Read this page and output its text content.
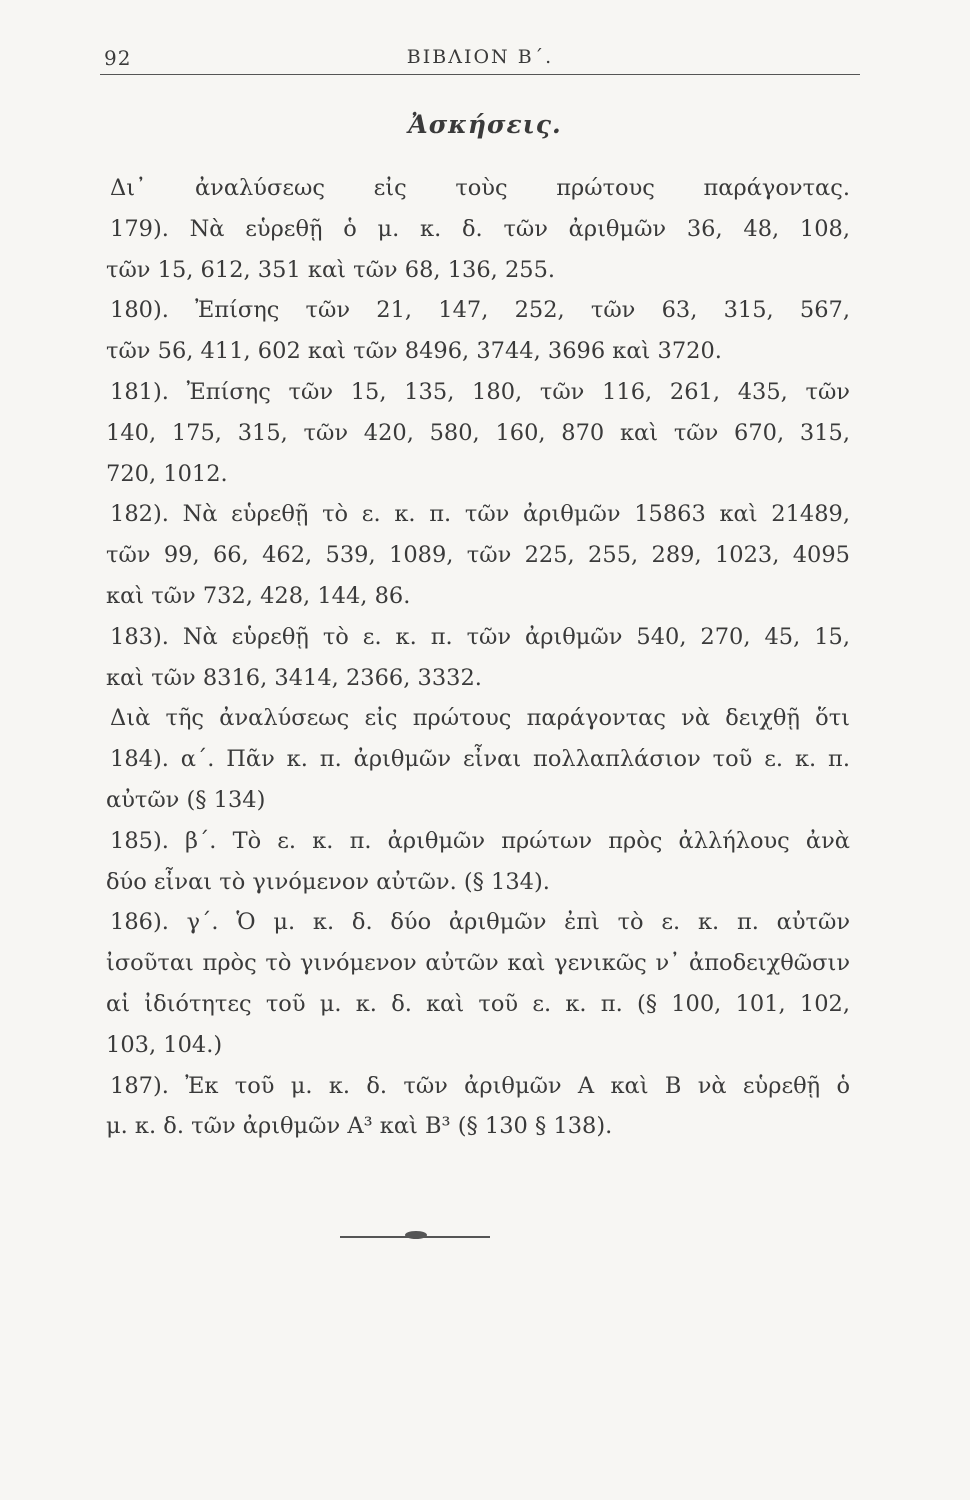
92	ΒΙΒΛΙΟΝ Β΄.
Ἀσκήσεις.
Δι᾽ ἀναλύσεως εἰς τοὺς πρώτους παράγοντας.
179). Νὰ εὑρεθῇ ὁ μ. κ. δ. τῶν ἀριθμῶν 36, 48, 108,
τῶν 15, 612, 351 καὶ τῶν 68, 136, 255.
180). Ἐπίσης τῶν 21, 147, 252, τῶν 63, 315, 567,
τῶν 56, 411, 602 καὶ τῶν 8496, 3744, 3696 καὶ 3720.
181). Ἐπίσης τῶν 15, 135, 180, τῶν 116, 261, 435, τῶν
140, 175, 315, τῶν 420, 580, 160, 870 καὶ τῶν 670, 315,
720, 1012.
182). Νὰ εὑρεθῇ τὸ ε. κ. π. τῶν ἀριθμῶν 15863 καὶ 21489,
τῶν 99, 66, 462, 539, 1089, τῶν 225, 255, 289, 1023, 4095
καὶ τῶν 732, 428, 144, 86.
183). Νὰ εὑρεθῇ τὸ ε. κ. π. τῶν ἀριθμῶν 540, 270, 45, 15,
καὶ τῶν 8316, 3414, 2366, 3332.
Διὰ τῆς ἀναλύσεως εἰς πρώτους παράγοντας νὰ δειχθῇ ὅτι
184). α΄. Πᾶν κ. π. ἀριθμῶν εἶναι πολλαπλάσιον τοῦ ε. κ. π.
αὐτῶν (§ 134)
185). β΄. Τὸ ε. κ. π. ἀριθμῶν πρώτων πρὸς ἀλλήλους ἀνὰ
δύο εἶναι τὸ γινόμενον αὐτῶν. (§ 134).
186). γ΄. Ὁ μ. κ. δ. δύο ἀριθμῶν ἐπὶ τὸ ε. κ. π. αὐτῶν
ἰσοῦται πρὸς τὸ γινόμενον αὐτῶν καὶ γενικῶς ν᾽ ἀποδειχθῶσιν
αἱ ἰδιότητες τοῦ μ. κ. δ. καὶ τοῦ ε. κ. π. (§ 100, 101, 102,
103, 104.)
187). Ἐκ τοῦ μ. κ. δ. τῶν ἀριθμῶν Α καὶ Β νὰ εὑρεθῇ ὁ
μ. κ. δ. τῶν ἀριθμῶν Α³ καὶ Β³ (§ 130 § 138).
